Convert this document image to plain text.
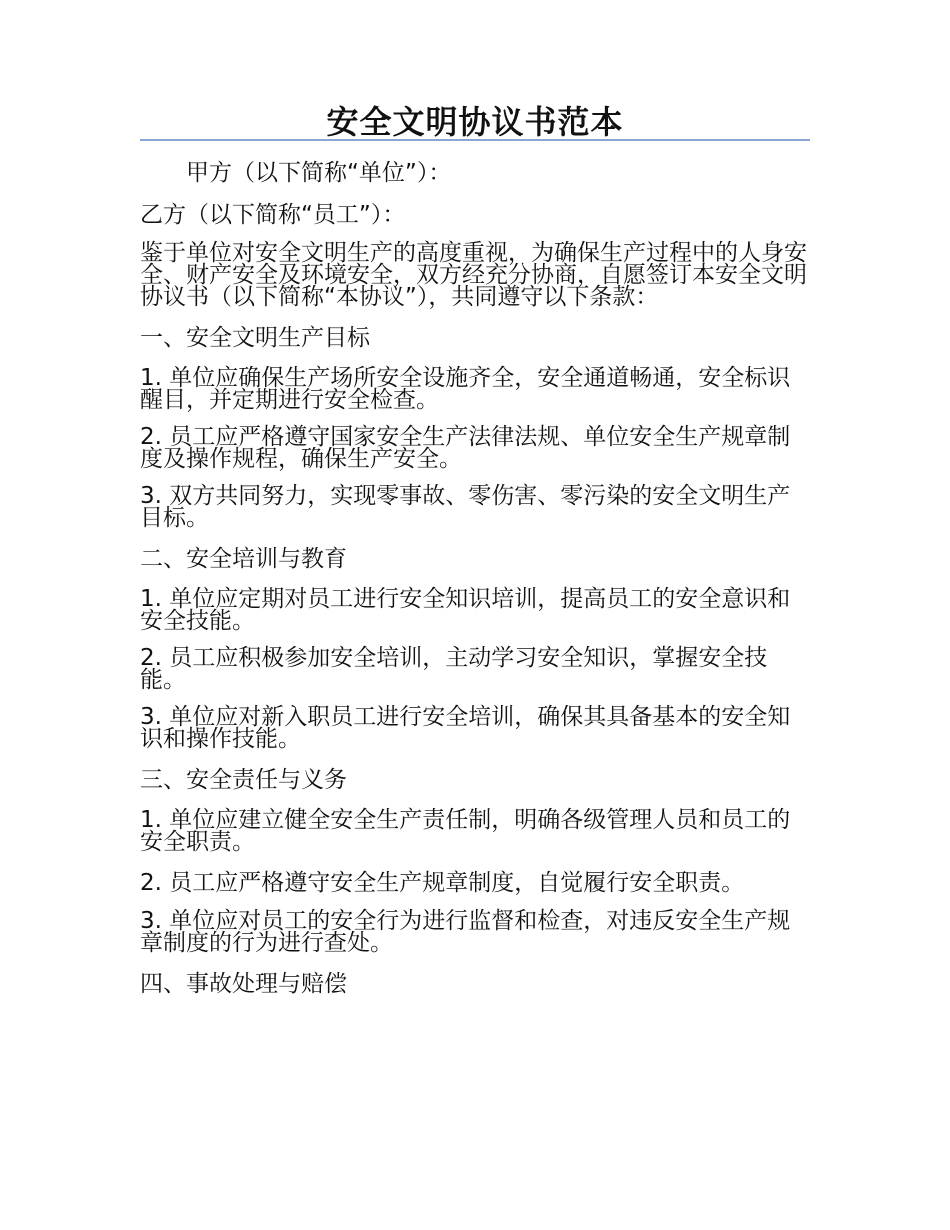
安全文明协议书范本

甲方（以下简称“单位”）：

乙方（以下简称“员工”）：

鉴于单位对安全文明生产的高度重视，为确保生产过程中的人身安全、财产安全及环境安全，双方经充分协商，自愿签订本安全文明协议书（以下简称“本协议”），共同遵守以下条款：

一、安全文明生产目标

1. 单位应确保生产场所安全设施齐全，安全通道畅通，安全标识醒目，并定期进行安全检查。

2. 员工应严格遵守国家安全生产法律法规、单位安全生产规章制度及操作规程，确保生产安全。

3. 双方共同努力，实现零事故、零伤害、零污染的安全文明生产目标。

二、安全培训与教育

1. 单位应定期对员工进行安全知识培训，提高员工的安全意识和安全技能。

2. 员工应积极参加安全培训，主动学习安全知识，掌握安全技能。

3. 单位应对新入职员工进行安全培训，确保其具备基本的安全知识和操作技能。

三、安全责任与义务

1. 单位应建立健全安全生产责任制，明确各级管理人员和员工的安全职责。

2. 员工应严格遵守安全生产规章制度，自觉履行安全职责。

3. 单位应对员工的安全行为进行监督和检查，对违反安全生产规章制度的行为进行查处。

四、事故处理与赔偿
